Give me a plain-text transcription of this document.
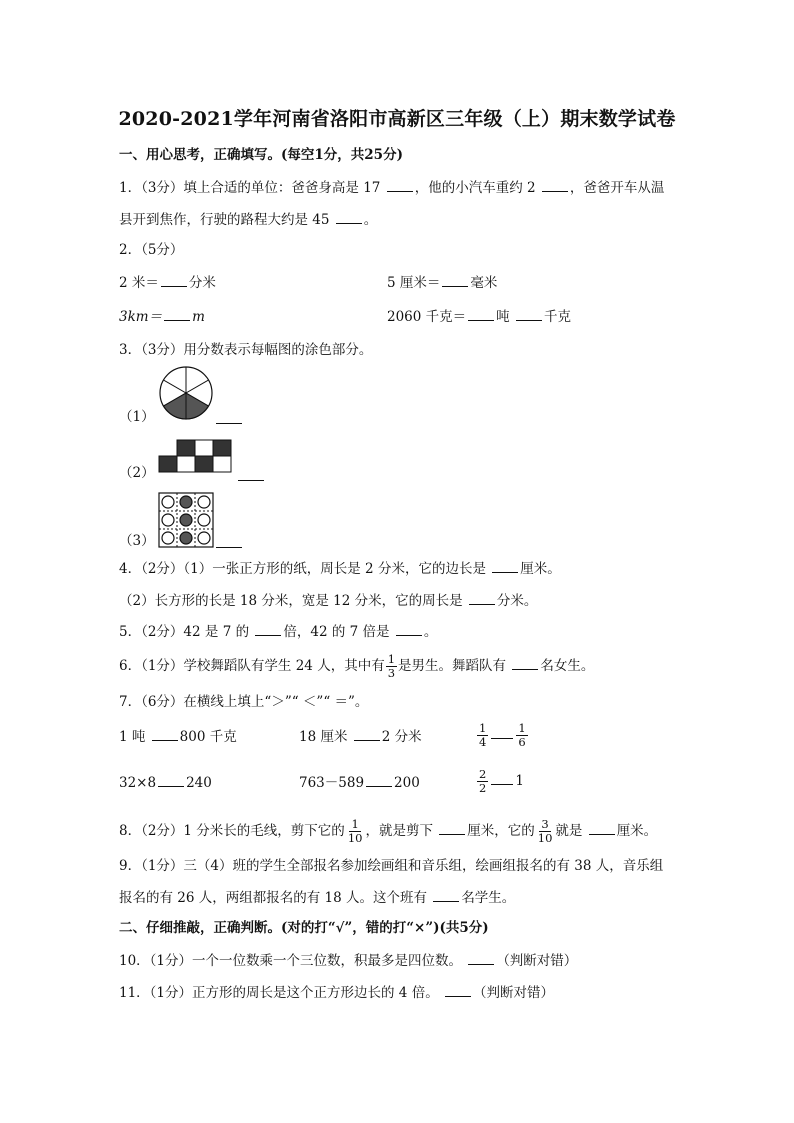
2020-2021学年河南省洛阳市高新区三年级（上）期末数学试卷
一、用心思考，正确填写。(每空1分，共25分)
1．（3分）填上合适的单位：爸爸身高是 17 ，他的小汽车重约 2 ，爸爸开车从温
县开到焦作，行驶的路程大约是 45 。
2．（5分）
2 米＝ 分米	5 厘米＝ 毫米
3km＝ m	2060 千克＝ 吨	千克
3．（3分）用分数表示每幅图的涂色部分。
（1）
（2）
（3）
4．（2分）（1）一张正方形的纸，周长是 2 分米，它的边长是 厘米。
（2）长方形的长是 18 分米，宽是 12 分米，它的周长是 分米。
5．（2分）42 是 7 的 倍，42 的 7 倍是 。
6．（1分）学校舞蹈队有学生 24 人，其中有 $\frac{1}{3}$ 是男生。舞蹈队有 名女生。
7．（6分）在横线上填上“＞”“ ＜”“ ＝”。
1 吨 800 千克	18 厘米 2 分米	$\frac{1}{4} \frac{1}{6}$
32×8 240	763－589 200	$\frac{2}{2} 1$
8．（2分）1 分米长的毛线，剪下它的 $\frac{1}{10}$ ，就是剪下 厘米，它的 $\frac{3}{10}$ 就是 厘米。
9．（1分）三（4）班的学生全部报名参加绘画组和音乐组，绘画组报名的有 38 人，音乐组
报名的有 26 人，两组都报名的有 18 人。这个班有 名学生。
二、仔细推敲，正确判断。(对的打“√”，错的打“×”)(共5分)
10．（1分）一个一位数乘一个三位数，积最多是四位数。 （判断对错）
11．（1分）正方形的周长是这个正方形边长的 4 倍。 （判断对错）
